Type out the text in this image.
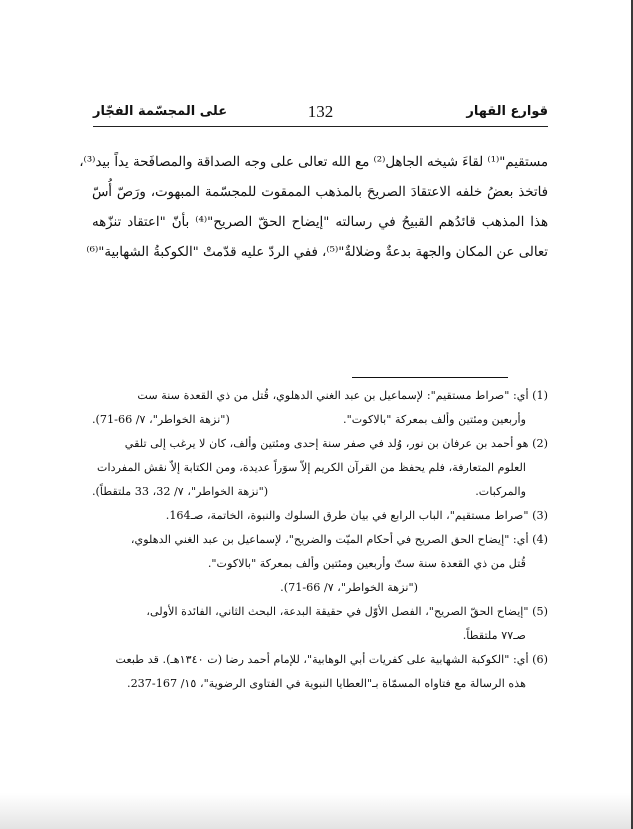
قوارع القهار
132
على المجسّمة الفجّار
مستقيم"⁽¹⁾ لقاءَ شيخه الجاهل⁽²⁾ مع الله تعالى على وجه الصداقة والمصافَحة يداً بيد⁽³⁾،
فاتخذ بعضُ خلفه الاعتقادَ الصريحَ بالمذهب الممقوت للمجسّمة المبهوت، ورَصّ أُسّ
هذا المذهب قائدُهم القبيحُ في رسالته "إيضاح الحقّ الصريح"⁽⁴⁾ بأنّ "اعتقاد تنزّهه
تعالى عن المكان والجهة بدعةٌ وضلالةٌ"⁽⁵⁾، ففي الردّ عليه قدّمتْ "الكوكبةُ الشهابية"⁽⁶⁾
(1) أي: "صراط مستقيم": لإسماعيل بن عبد الغني الدهلوي، قُتل من ذي القعدة سنة ست
وأربعين ومئتين وألف بمعركة "بالاكوت".
("نزهة الخواطر"، ٧/ 66-71).
(2) هو أحمد بن عرفان بن نور، وُلد في صفر سنة إحدى ومئتين وألف، كان لا يرغب إلى تلقي
العلوم المتعارفة، فلم يحفظ من القرآن الكريم إلاّ سوَراً عديدة، ومن الكتابة إلاّ نقش المفردات
والمركبات.
("نزهة الخواطر"، ٧/ 32، 33 ملتقطاً).
(3) "صراط مستقيم"، الباب الرابع في بيان طرق السلوك والنبوة، الخاتمة، صـ164.
(4) أي: "إيضاح الحق الصريح في أحكام الميّت والضريح"، لإسماعيل بن عبد الغني الدهلوي،
قُتل من ذي القعدة سنة ستّ وأربعين ومئتين وألف بمعركة "بالاكوت".
("نزهة الخواطر"، ٧/ 66-71).
(5) "إيضاح الحقّ الصريح"، الفصل الأوّل في حقيقة البدعة، البحث الثاني، الفائدة الأولى،
صـ٧٧ ملتقطاً.
(6) أي: "الكوكبة الشهابية على كفريات أبي الوهابية"، للإمام أحمد رضا (ت ١٣٤٠هـ). قد طبعت
هذه الرسالة مع فتاواه المسمّاة بـ"العطايا النبوية في الفتاوى الرضوية"، ١٥/ 167-237.
